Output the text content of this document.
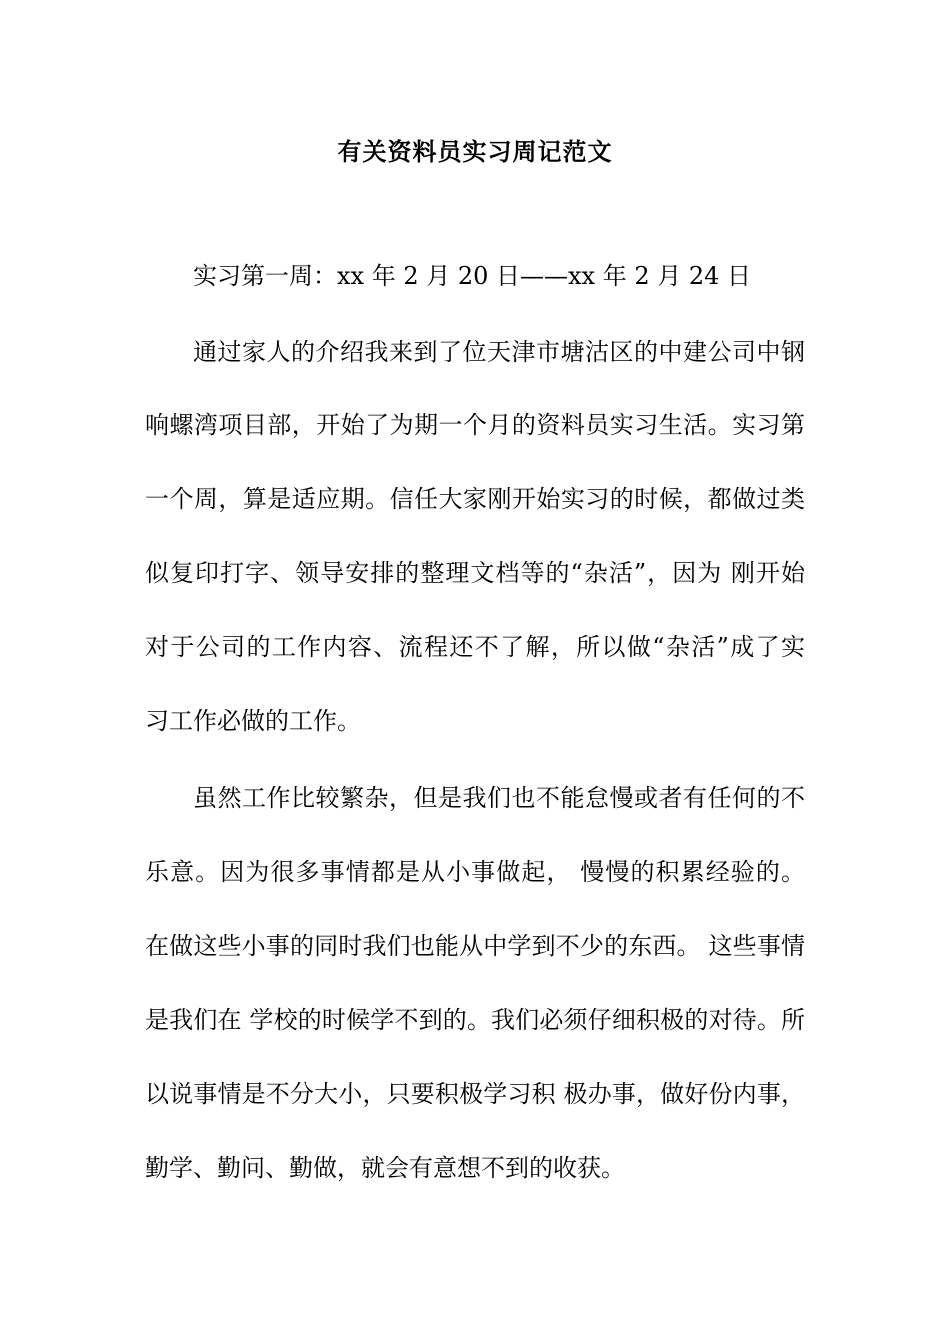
有关资料员实习周记范文
实习第一周：xx 年 2 月 20 日——xx 年 2 月 24 日
通过家人的介绍我来到了位天津市塘沽区的中建公司中钢
响螺湾项目部，开始了为期一个月的资料员实习生活。实习第
一个周，算是适应期。信任大家刚开始实习的时候，都做过类
似复印打字、领导安排的整理文档等的“杂活”，因为 刚开始
对于公司的工作内容、流程还不了解，所以做“杂活”成了实
习工作必做的工作。
虽然工作比较繁杂，但是我们也不能怠慢或者有任何的不
乐意。因为很多事情都是从小事做起， 慢慢的积累经验的。
在做这些小事的同时我们也能从中学到不少的东西。 这些事情
是我们在 学校的时候学不到的。我们必须仔细积极的对待。所
以说事情是不分大小，只要积极学习积 极办事，做好份内事，
勤学、勤问、勤做，就会有意想不到的收获。
